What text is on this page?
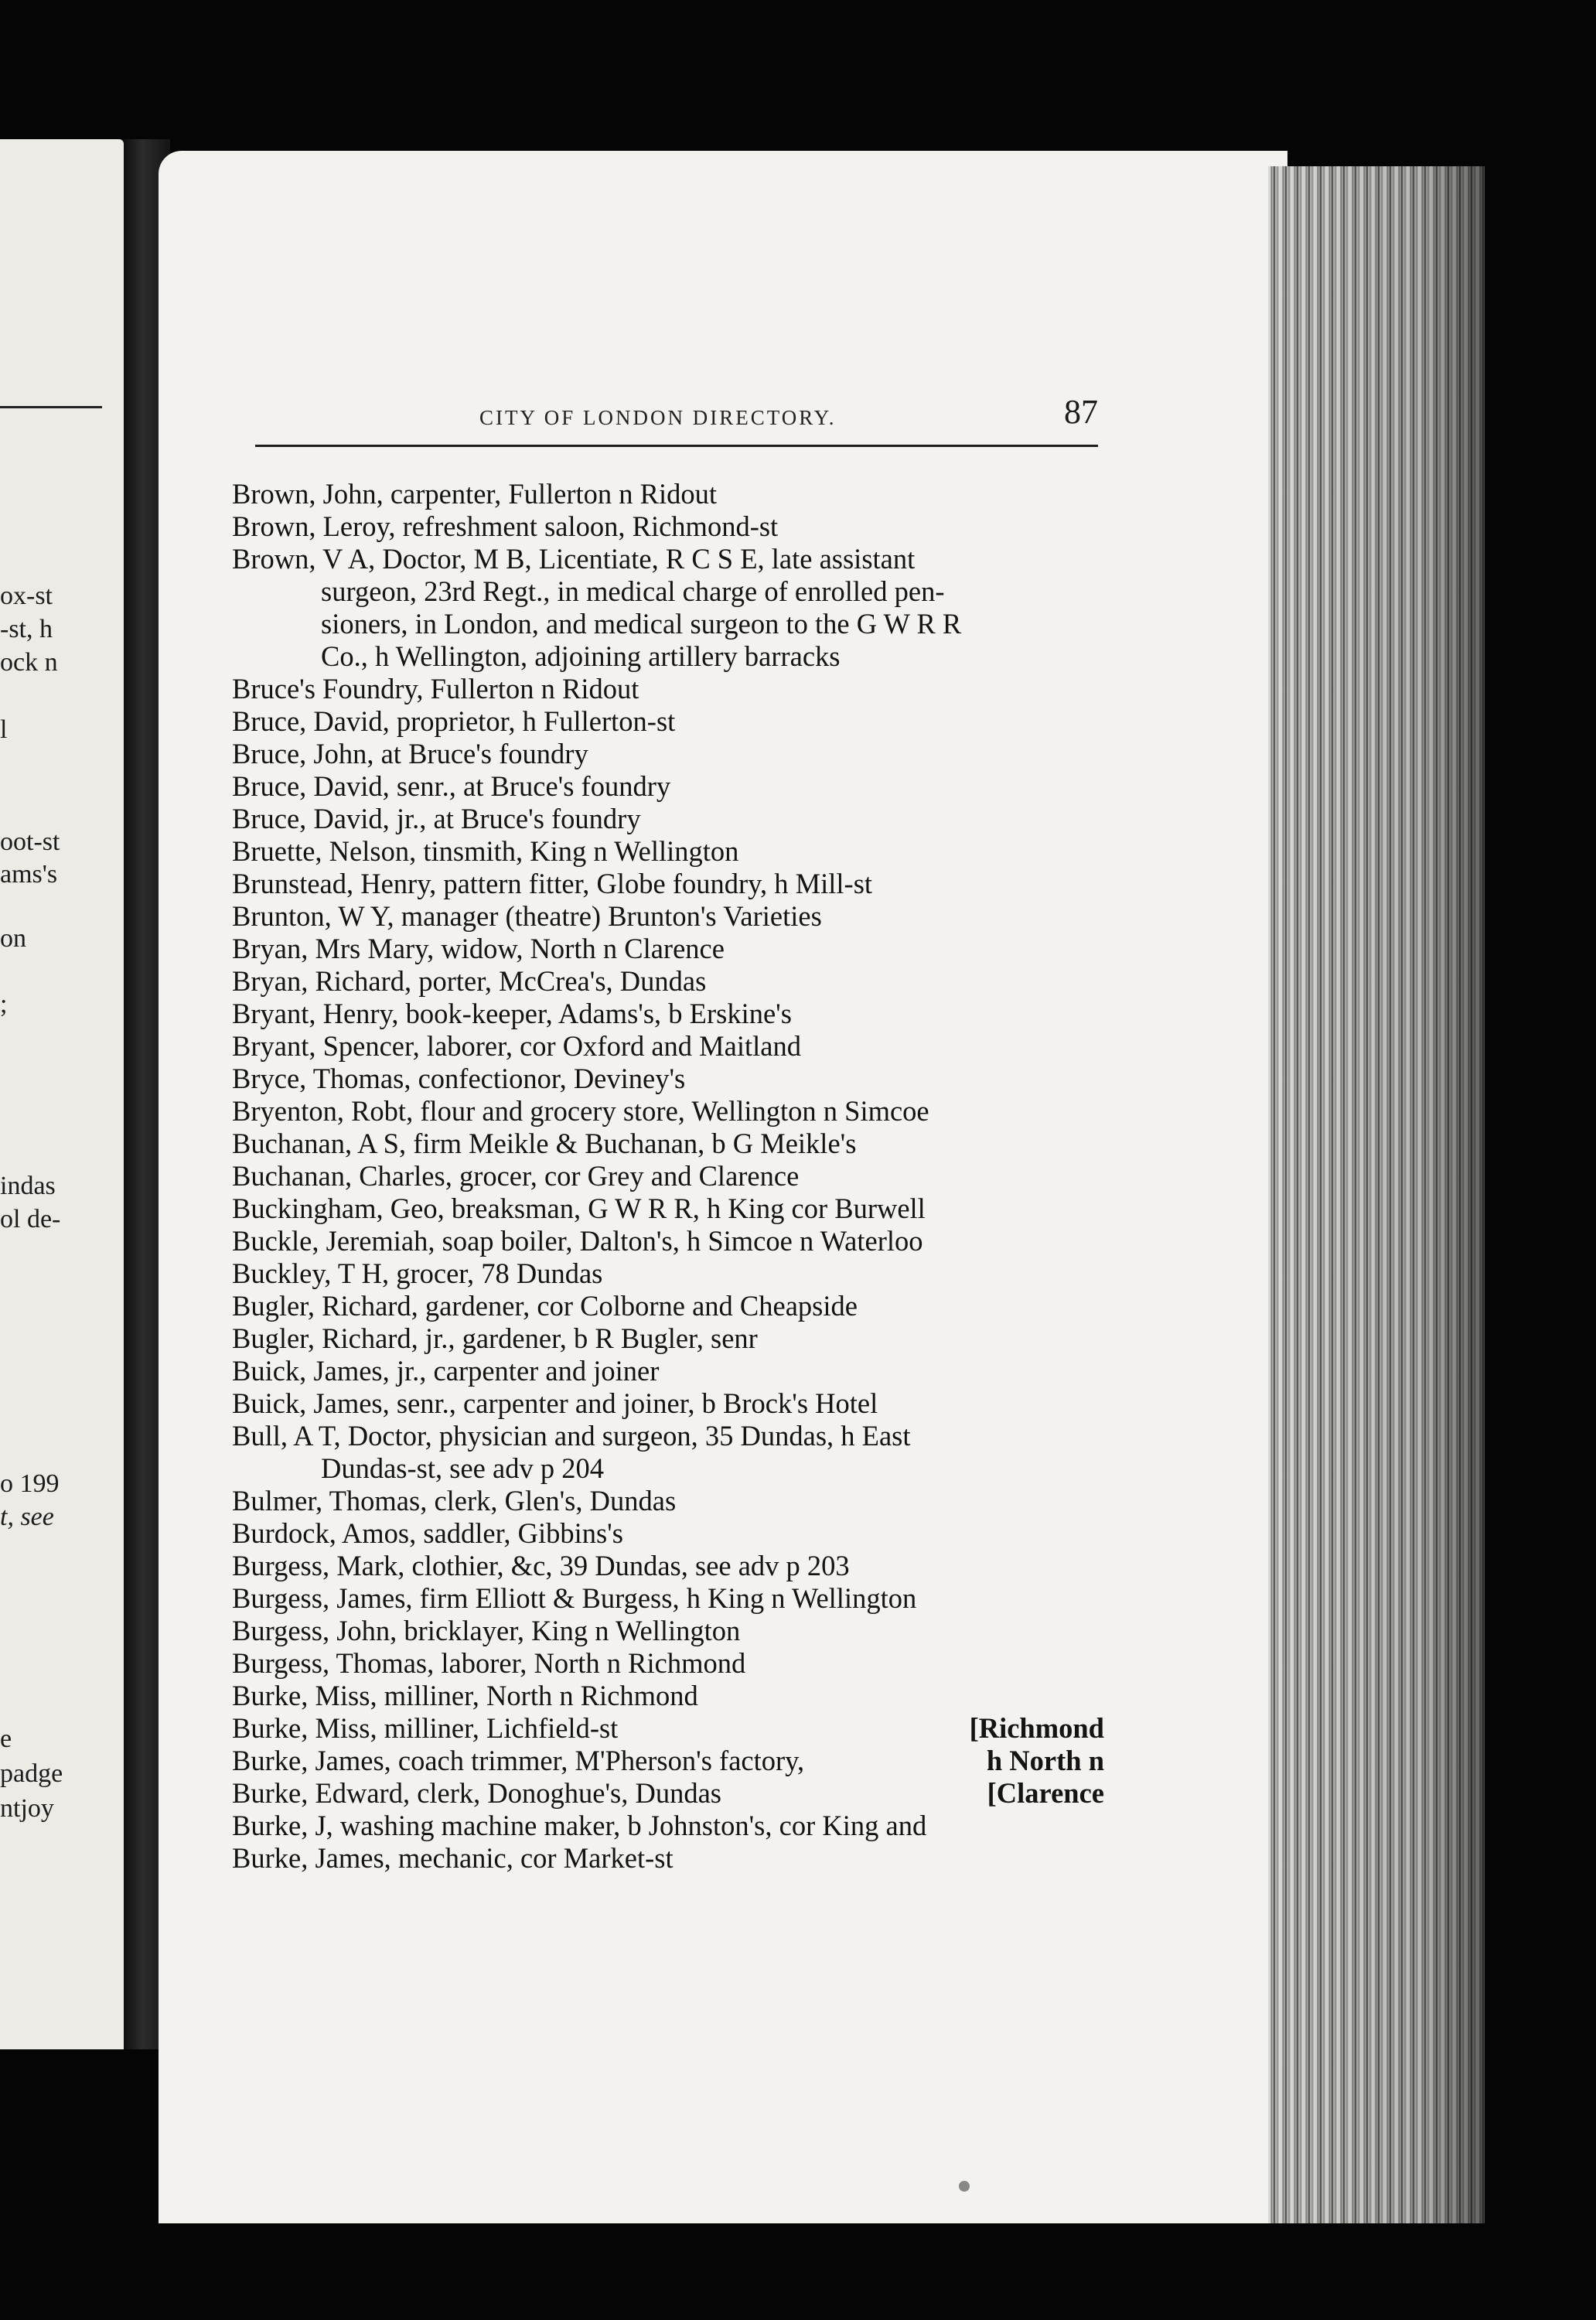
ox-st
-st, h
ock n
l
oot-st
ams's
on
;
indas
ol de-
o 199
t, see
e
padge
ntjoy
CITY OF LONDON DIRECTORY.	87
Brown, John, carpenter, Fullerton n Ridout
Brown, Leroy, refreshment saloon, Richmond-st
Brown, V A, Doctor, M B, Licentiate, R C S E, late assistant
surgeon, 23rd Regt., in medical charge of enrolled pen-
sioners, in London, and medical surgeon to the G W R R
Co., h Wellington, adjoining artillery barracks
Bruce's Foundry, Fullerton n Ridout
Bruce, David, proprietor, h Fullerton-st
Bruce, John, at Bruce's foundry
Bruce, David, senr., at Bruce's foundry
Bruce, David, jr., at Bruce's foundry
Bruette, Nelson, tinsmith, King n Wellington
Brunstead, Henry, pattern fitter, Globe foundry, h Mill-st
Brunton, W Y, manager (theatre) Brunton's Varieties
Bryan, Mrs Mary, widow, North n Clarence
Bryan, Richard, porter, McCrea's, Dundas
Bryant, Henry, book-keeper, Adams's, b Erskine's
Bryant, Spencer, laborer, cor Oxford and Maitland
Bryce, Thomas, confectionor, Deviney's
Bryenton, Robt, flour and grocery store, Wellington n Simcoe
Buchanan, A S, firm Meikle & Buchanan, b G Meikle's
Buchanan, Charles, grocer, cor Grey and Clarence
Buckingham, Geo, breaksman, G W R R, h King cor Burwell
Buckle, Jeremiah, soap boiler, Dalton's, h Simcoe n Waterloo
Buckley, T H, grocer, 78 Dundas
Bugler, Richard, gardener, cor Colborne and Cheapside
Bugler, Richard, jr., gardener, b R Bugler, senr
Buick, James, jr., carpenter and joiner
Buick, James, senr., carpenter and joiner, b Brock's Hotel
Bull, A T, Doctor, physician and surgeon, 35 Dundas, h East
Dundas-st, see adv p 204
Bulmer, Thomas, clerk, Glen's, Dundas
Burdock, Amos, saddler, Gibbins's
Burgess, Mark, clothier, &c, 39 Dundas, see adv p 203
Burgess, James, firm Elliott & Burgess, h King n Wellington
Burgess, John, bricklayer, King n Wellington
Burgess, Thomas, laborer, North n Richmond
Burke, Miss, milliner, North n Richmond
Burke, Miss, milliner, Lichfield-st	[Richmond
Burke, James, coach trimmer, M'Pherson's factory,	h North n
Burke, Edward, clerk, Donoghue's, Dundas	[Clarence
Burke, J, washing machine maker, b Johnston's, cor King and
Burke, James, mechanic, cor Market-st
